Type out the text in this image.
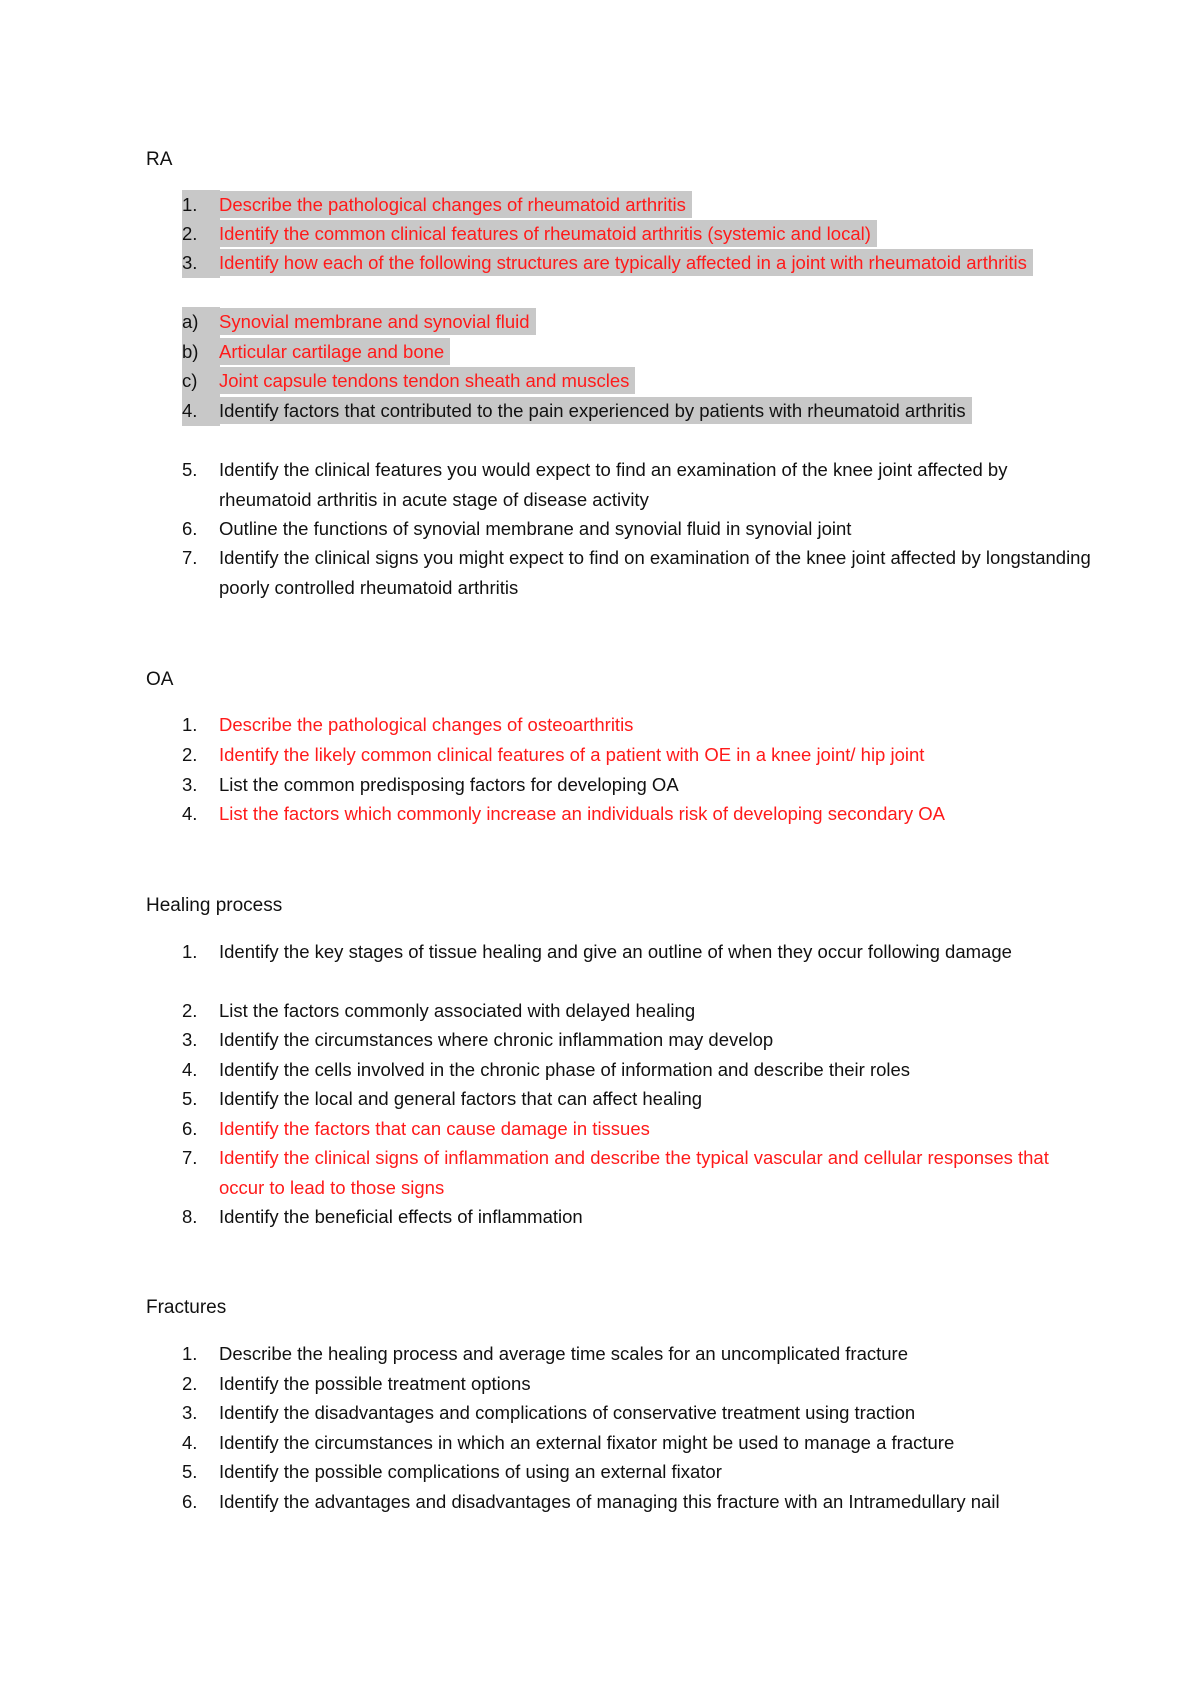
RA
1.	Describe the pathological changes of rheumatoid arthritis
2.	Identify the common clinical features of rheumatoid arthritis (systemic and local)
3.	Identify how each of the following structures are typically affected in a joint with rheumatoid arthritis
a)	Synovial membrane and synovial fluid
b)	Articular cartilage and bone
c)	Joint capsule tendons tendon sheath and muscles
4.	Identify factors that contributed to the pain experienced by patients with rheumatoid arthritis
5.	Identify the clinical features you would expect to find an examination of the knee joint affected by rheumatoid arthritis in acute stage of disease activity
6.	Outline the functions of synovial membrane and synovial fluid in synovial joint
7.	Identify the clinical signs you might expect to find on examination of the knee joint affected by longstanding poorly controlled rheumatoid arthritis
OA
1.	Describe the pathological changes of osteoarthritis
2.	Identify the likely common clinical features of a patient with OE in a knee joint/ hip joint
3.	List the common predisposing factors for developing OA
4.	List the factors which commonly increase an individuals risk of developing secondary OA
Healing process
1.	Identify the key stages of tissue healing and give an outline of when they occur following damage
2.	List the factors commonly associated with delayed healing
3.	Identify the circumstances where chronic inflammation may develop
4.	Identify the cells involved in the chronic phase of information and describe their roles
5.	Identify the local and general factors that can affect healing
6.	Identify the factors that can cause damage in tissues
7.	Identify the clinical signs of inflammation and describe the typical vascular and cellular responses that occur to lead to those signs
8.	Identify the beneficial effects of inflammation
Fractures
1.	Describe the healing process and average time scales for an uncomplicated fracture
2.	Identify the possible treatment options
3.	Identify the disadvantages and complications of conservative treatment using traction
4.	Identify the circumstances in which an external fixator might be used to manage a fracture
5.	Identify the possible complications of using an external fixator
6.	Identify the advantages and disadvantages of managing this fracture with an Intramedullary nail
